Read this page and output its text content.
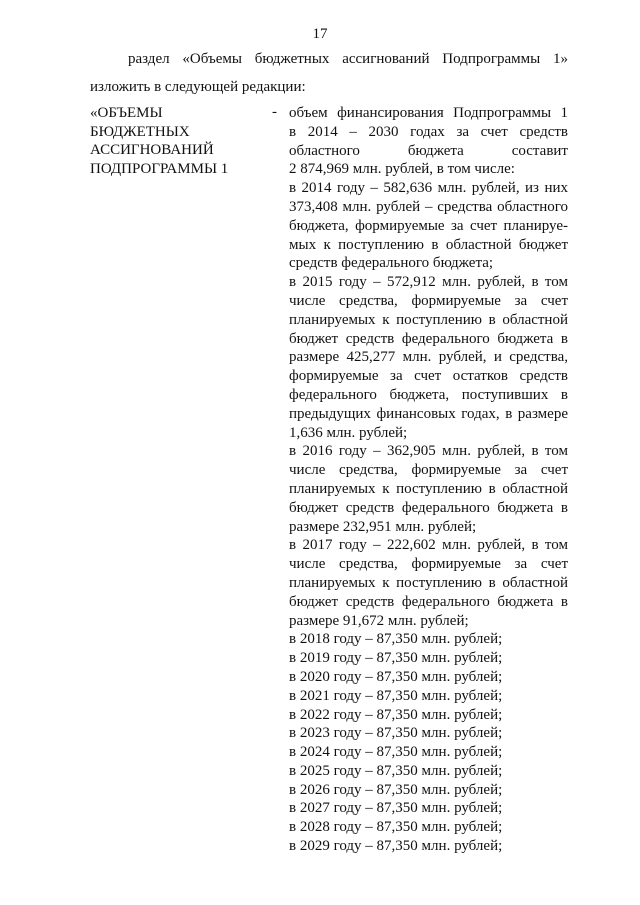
17
раздел «Объемы бюджетных ассигнований Подпрограммы 1»
изложить в следующей редакции:
«ОБЪЕМЫ
БЮДЖЕТНЫХ
АССИГНОВАНИЙ
ПОДПРОГРАММЫ 1
- объем финансирования Подпрограммы 1

в 2014 – 2030 годах за счет средств

областного бюджета составит

2 874,969 млн. рублей, в том числе:

в 2014 году – 582,636 млн. рублей, из них 373,408 млн. рублей – средства областного бюджета, формируемые за счет планируе-мых к поступлению в областной бюджет средств федерального бюджета;

в 2015 году – 572,912 млн. рублей, в том числе средства, формируемые за счет планируемых к поступлению в областной бюджет средств федерального бюджета в размере 425,277 млн. рублей, и средства, формируемые за счет остатков средств федерального бюджета, поступивших в предыдущих финансовых годах, в размере 1,636 млн. рублей;

в 2016 году – 362,905 млн. рублей, в том числе средства, формируемые за счет планируемых к поступлению в областной бюджет средств федерального бюджета в размере 232,951 млн. рублей;

в 2017 году – 222,602 млн. рублей, в том числе средства, формируемые за счет планируемых к поступлению в областной бюджет средств федерального бюджета в размере 91,672 млн. рублей;

в 2018 году – 87,350 млн. рублей;

в 2019 году – 87,350 млн. рублей;

в 2020 году – 87,350 млн. рублей;

в 2021 году – 87,350 млн. рублей;

в 2022 году – 87,350 млн. рублей;

в 2023 году – 87,350 млн. рублей;

в 2024 году – 87,350 млн. рублей;

в 2025 году – 87,350 млн. рублей;

в 2026 году – 87,350 млн. рублей;

в 2027 году – 87,350 млн. рублей;

в 2028 году – 87,350 млн. рублей;

в 2029 году – 87,350 млн. рублей;
